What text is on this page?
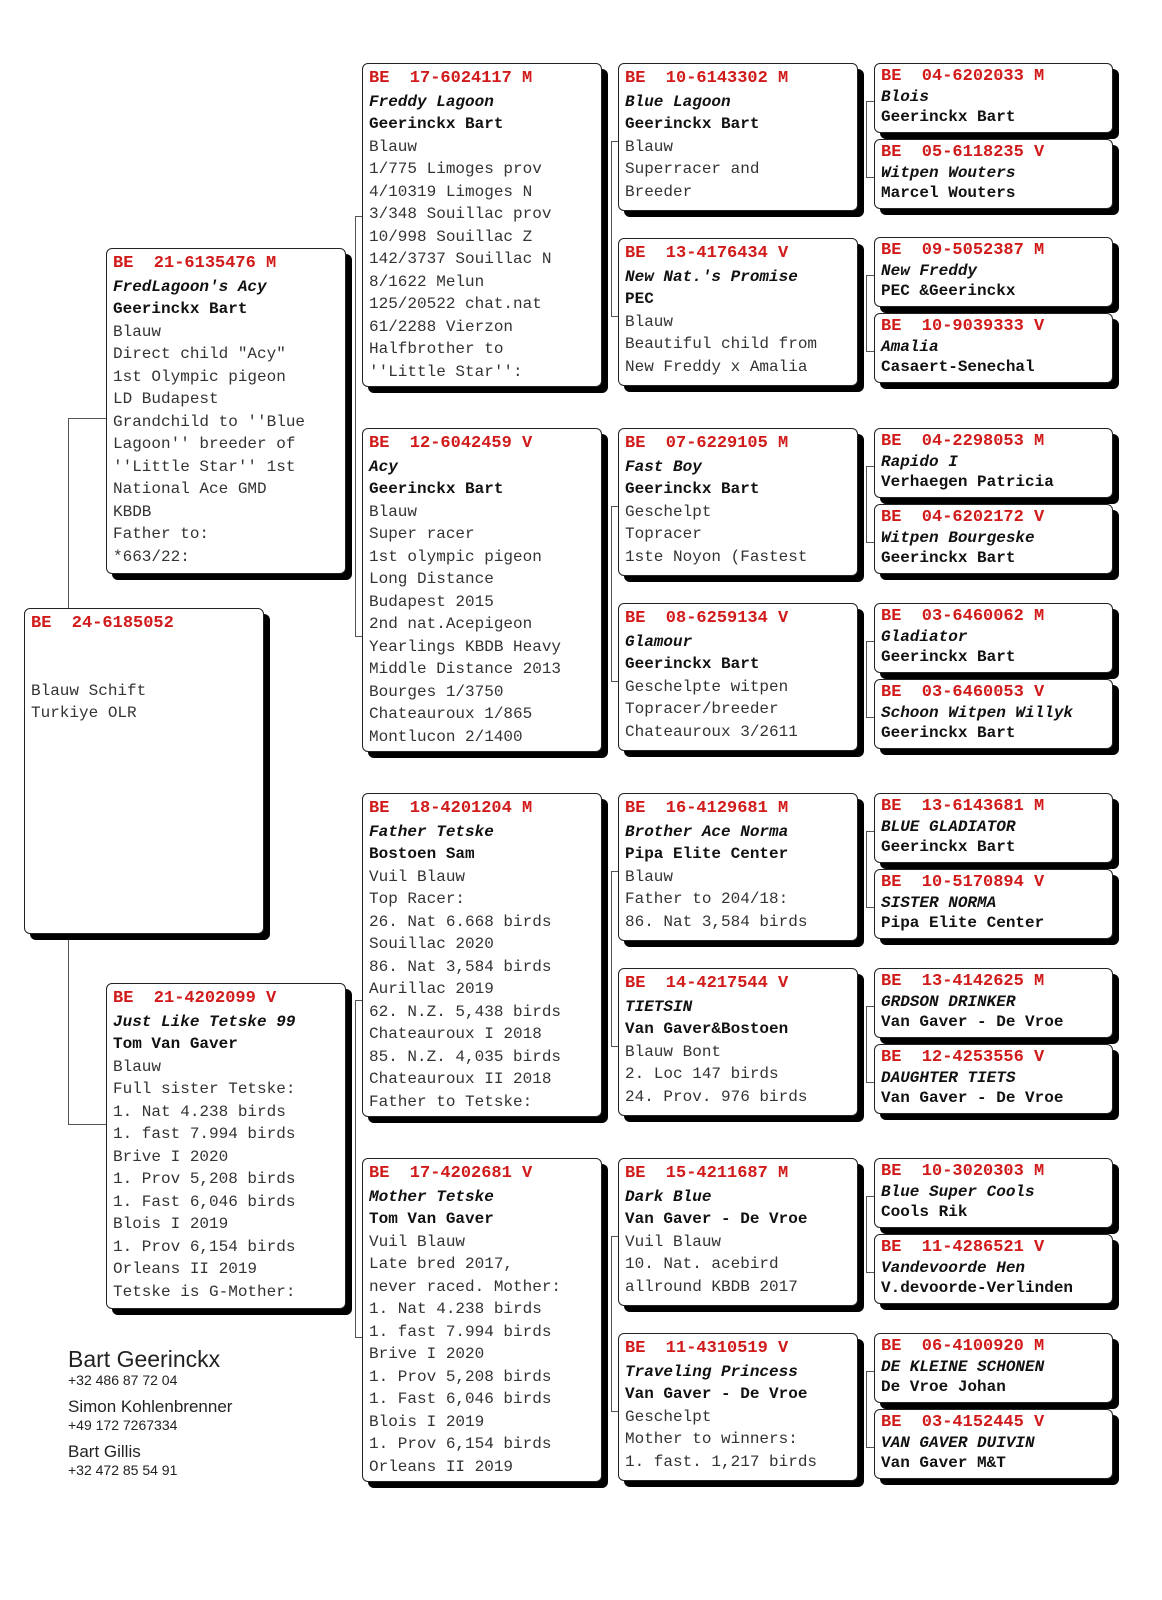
BE  24-6185052
Blauw Schift
Turkiye OLR
BE  21-6135476 M
FredLagoon's Acy
Geerinckx Bart
Blauw
Direct child "Acy"
1st Olympic pigeon
LD Budapest
Grandchild to ''Blue
Lagoon'' breeder of
''Little Star'' 1st
National Ace GMD
KBDB
Father to:
*663/22:
BE  21-4202099 V
Just Like Tetske 99
Tom Van Gaver
Blauw
Full sister Tetske:
1. Nat 4.238 birds
1. fast 7.994 birds
Brive I 2020
1. Prov 5,208 birds
1. Fast 6,046 birds
Blois I 2019
1. Prov 6,154 birds
Orleans II 2019
Tetske is G-Mother:
BE  17-6024117 M
Freddy Lagoon
Geerinckx Bart
Blauw
1/775 Limoges prov
4/10319 Limoges N
3/348 Souillac prov
10/998 Souillac Z
142/3737 Souillac N
8/1622 Melun
125/20522 chat.nat
61/2288 Vierzon
Halfbrother to
''Little Star'':
BE  12-6042459 V
Acy
Geerinckx Bart
Blauw
Super racer
1st olympic pigeon
Long Distance
Budapest 2015
2nd nat.Acepigeon
Yearlings KBDB Heavy
Middle Distance 2013
Bourges 1/3750
Chateauroux 1/865
Montlucon 2/1400
BE  18-4201204 M
Father Tetske
Bostoen Sam
Vuil Blauw
Top Racer:
26. Nat 6.668 birds
Souillac 2020
86. Nat 3,584 birds
Aurillac 2019
62. N.Z. 5,438 birds
Chateauroux I 2018
85. N.Z. 4,035 birds
Chateauroux II 2018
Father to Tetske:
BE  17-4202681 V
Mother Tetske
Tom Van Gaver
Vuil Blauw
Late bred 2017,
never raced. Mother:
1. Nat 4.238 birds
1. fast 7.994 birds
Brive I 2020
1. Prov 5,208 birds
1. Fast 6,046 birds
Blois I 2019
1. Prov 6,154 birds
Orleans II 2019
BE  10-6143302 M
Blue Lagoon
Geerinckx Bart
Blauw
Superracer and
Breeder
BE  13-4176434 V
New Nat.'s Promise
PEC
Blauw
Beautiful child from
New Freddy x Amalia
BE  07-6229105 M
Fast Boy
Geerinckx Bart
Geschelpt
Topracer
1ste Noyon (Fastest
BE  08-6259134 V
Glamour
Geerinckx Bart
Geschelpte witpen
Topracer/breeder
Chateauroux 3/2611
BE  16-4129681 M
Brother Ace Norma
Pipa Elite Center
Blauw
Father to 204/18:
86. Nat 3,584 birds
BE  14-4217544 V
TIETSIN
Van Gaver&Bostoen
Blauw Bont
2. Loc 147 birds
24. Prov. 976 birds
BE  15-4211687 M
Dark Blue
Van Gaver - De Vroe
Vuil Blauw
10. Nat. acebird
allround KBDB 2017
BE  11-4310519 V
Traveling Princess
Van Gaver - De Vroe
Geschelpt
Mother to winners:
1. fast. 1,217 birds
BE  04-6202033 M
Blois
Geerinckx Bart
BE  05-6118235 V
Witpen Wouters
Marcel Wouters
BE  09-5052387 M
New Freddy
PEC &Geerinckx
BE  10-9039333 V
Amalia
Casaert-Senechal
BE  04-2298053 M
Rapido I
Verhaegen Patricia
BE  04-6202172 V
Witpen Bourgeske
Geerinckx Bart
BE  03-6460062 M
Gladiator
Geerinckx Bart
BE  03-6460053 V
Schoon Witpen Willyk
Geerinckx Bart
BE  13-6143681 M
BLUE GLADIATOR
Geerinckx Bart
BE  10-5170894 V
SISTER NORMA
Pipa Elite Center
BE  13-4142625 M
GRDSON DRINKER
Van Gaver - De Vroe
BE  12-4253556 V
DAUGHTER TIETS
Van Gaver - De Vroe
BE  10-3020303 M
Blue Super Cools
Cools Rik
BE  11-4286521 V
Vandevoorde Hen
V.devoorde-Verlinden
BE  06-4100920 M
DE KLEINE SCHONEN
De Vroe Johan
BE  03-4152445 V
VAN GAVER DUIVIN
Van Gaver M&T
Bart Geerinckx
+32 486 87 72 04
Simon Kohlenbrenner
+49 172 7267334
Bart Gillis
+32 472 85 54 91
